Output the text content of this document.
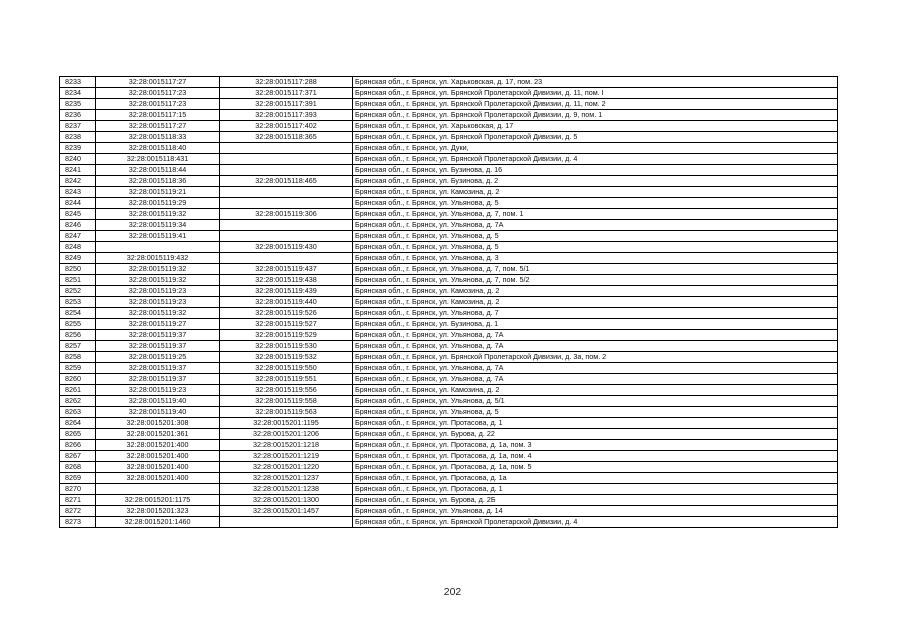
8233	32:28:0015117:27	32:28:0015117:288	Брянская обл., г. Брянск, ул. Харьковская, д. 17, пом. 23
8234	32:28:0015117:23	32:28:0015117:371	Брянская обл., г. Брянск, ул. Брянской Пролетарской Дивизии, д. 11, пом. I
8235	32:28:0015117:23	32:28:0015117:391	Брянская обл., г. Брянск, ул. Брянской Пролетарской Дивизии, д. 11, пом. 2
8236	32:28:0015117:15	32:28:0015117:393	Брянская обл., г. Брянск, ул. Брянской Пролетарской Дивизии, д. 9, пом. 1
8237	32:28:0015117:27	32:28:0015117:402	Брянская обл., г. Брянск, ул. Харьковская, д. 17
8238	32:28:0015118:33	32:28:0015118:365	Брянская обл., г. Брянск, ул. Брянской Пролетарской Дивизии, д. 5
8239	32:28:0015118:40		Брянская обл., г. Брянск, ул. Дуки,
8240	32:28:0015118:431		Брянская обл., г. Брянск, ул. Брянской Пролетарской Дивизии, д. 4
8241	32:28:0015118:44		Брянская обл., г. Брянск, ул. Бузинова, д. 16
8242	32:28:0015118:36	32:28:0015118:465	Брянская обл., г. Брянск, ул. Бузинова, д. 2
8243	32:28:0015119:21		Брянская обл., г. Брянск, ул. Камозина, д. 2
8244	32:28:0015119:29		Брянская обл., г. Брянск, ул. Ульянова, д. 5
8245	32:28:0015119:32	32:28:0015119:306	Брянская обл., г. Брянск, ул. Ульянова, д. 7, пом. 1
8246	32:28:0015119:34		Брянская обл., г. Брянск, ул. Ульянова, д. 7А
8247	32:28:0015119:41		Брянская обл., г. Брянск, ул. Ульянова, д. 5
8248		32:28:0015119:430	Брянская обл., г. Брянск, ул. Ульянова, д. 5
8249	32:28:0015119:432		Брянская обл., г. Брянск, ул. Ульянова, д. 3
8250	32:28:0015119:32	32:28:0015119:437	Брянская обл., г. Брянск, ул. Ульянова, д. 7, пом. 5/1
8251	32:28:0015119:32	32:28:0015119:438	Брянская обл., г. Брянск, ул. Ульянова, д. 7, пом. 5/2
8252	32:28:0015119:23	32:28:0015119:439	Брянская обл., г. Брянск, ул. Камозина, д. 2
8253	32:28:0015119:23	32:28:0015119:440	Брянская обл., г. Брянск, ул. Камозина, д. 2
8254	32:28:0015119:32	32:28:0015119:526	Брянская обл., г. Брянск, ул. Ульянова, д. 7
8255	32:28:0015119:27	32:28:0015119:527	Брянская обл., г. Брянск, ул. Бузинова, д. 1
8256	32:28:0015119:37	32:28:0015119:529	Брянская обл., г. Брянск, ул. Ульянова, д. 7А
8257	32:28:0015119:37	32:28:0015119:530	Брянская обл., г. Брянск, ул. Ульянова, д. 7А
8258	32:28:0015119:25	32:28:0015119:532	Брянская обл., г. Брянск, ул. Брянской Пролетарской Дивизии, д. 3а, пом. 2
8259	32:28:0015119:37	32:28:0015119:550	Брянская обл., г. Брянск, ул. Ульянова, д. 7А
8260	32:28:0015119:37	32:28:0015119:551	Брянская обл., г. Брянск, ул. Ульянова, д. 7А
8261	32:28:0015119:23	32:28:0015119:556	Брянская обл., г. Брянск, ул. Камозина, д. 2
8262	32:28:0015119:40	32:28:0015119:558	Брянская обл., г. Брянск, ул. Ульянова, д. 5/1
8263	32:28:0015119:40	32:28:0015119:563	Брянская обл., г. Брянск, ул. Ульянова, д. 5
8264	32:28:0015201:308	32:28:0015201:1195	Брянская обл., г. Брянск, ул. Протасова, д. 1
8265	32:28:0015201:361	32:28:0015201:1206	Брянская обл., г. Брянск, ул. Бурова, д. 22
8266	32:28:0015201:400	32:28:0015201:1218	Брянская обл., г. Брянск, ул. Протасова, д. 1а, пом. 3
8267	32:28:0015201:400	32:28:0015201:1219	Брянская обл., г. Брянск, ул. Протасова, д. 1а, пом. 4
8268	32:28:0015201:400	32:28:0015201:1220	Брянская обл., г. Брянск, ул. Протасова, д. 1а, пом. 5
8269	32:28:0015201:400	32:28:0015201:1237	Брянская обл., г. Брянск, ул. Протасова, д. 1а
8270		32:28:0015201:1238	Брянская обл., г. Брянск, ул. Протасова, д. 1
8271	32:28:0015201:1175	32:28:0015201:1300	Брянская обл., г. Брянск, ул. Бурова, д. 2Б
8272	32:28:0015201:323	32:28:0015201:1457	Брянская обл., г. Брянск, ул. Ульянова, д. 14
8273	32:28:0015201:1460		Брянская обл., г. Брянск, ул. Брянской Пролетарской Дивизии, д. 4
202
